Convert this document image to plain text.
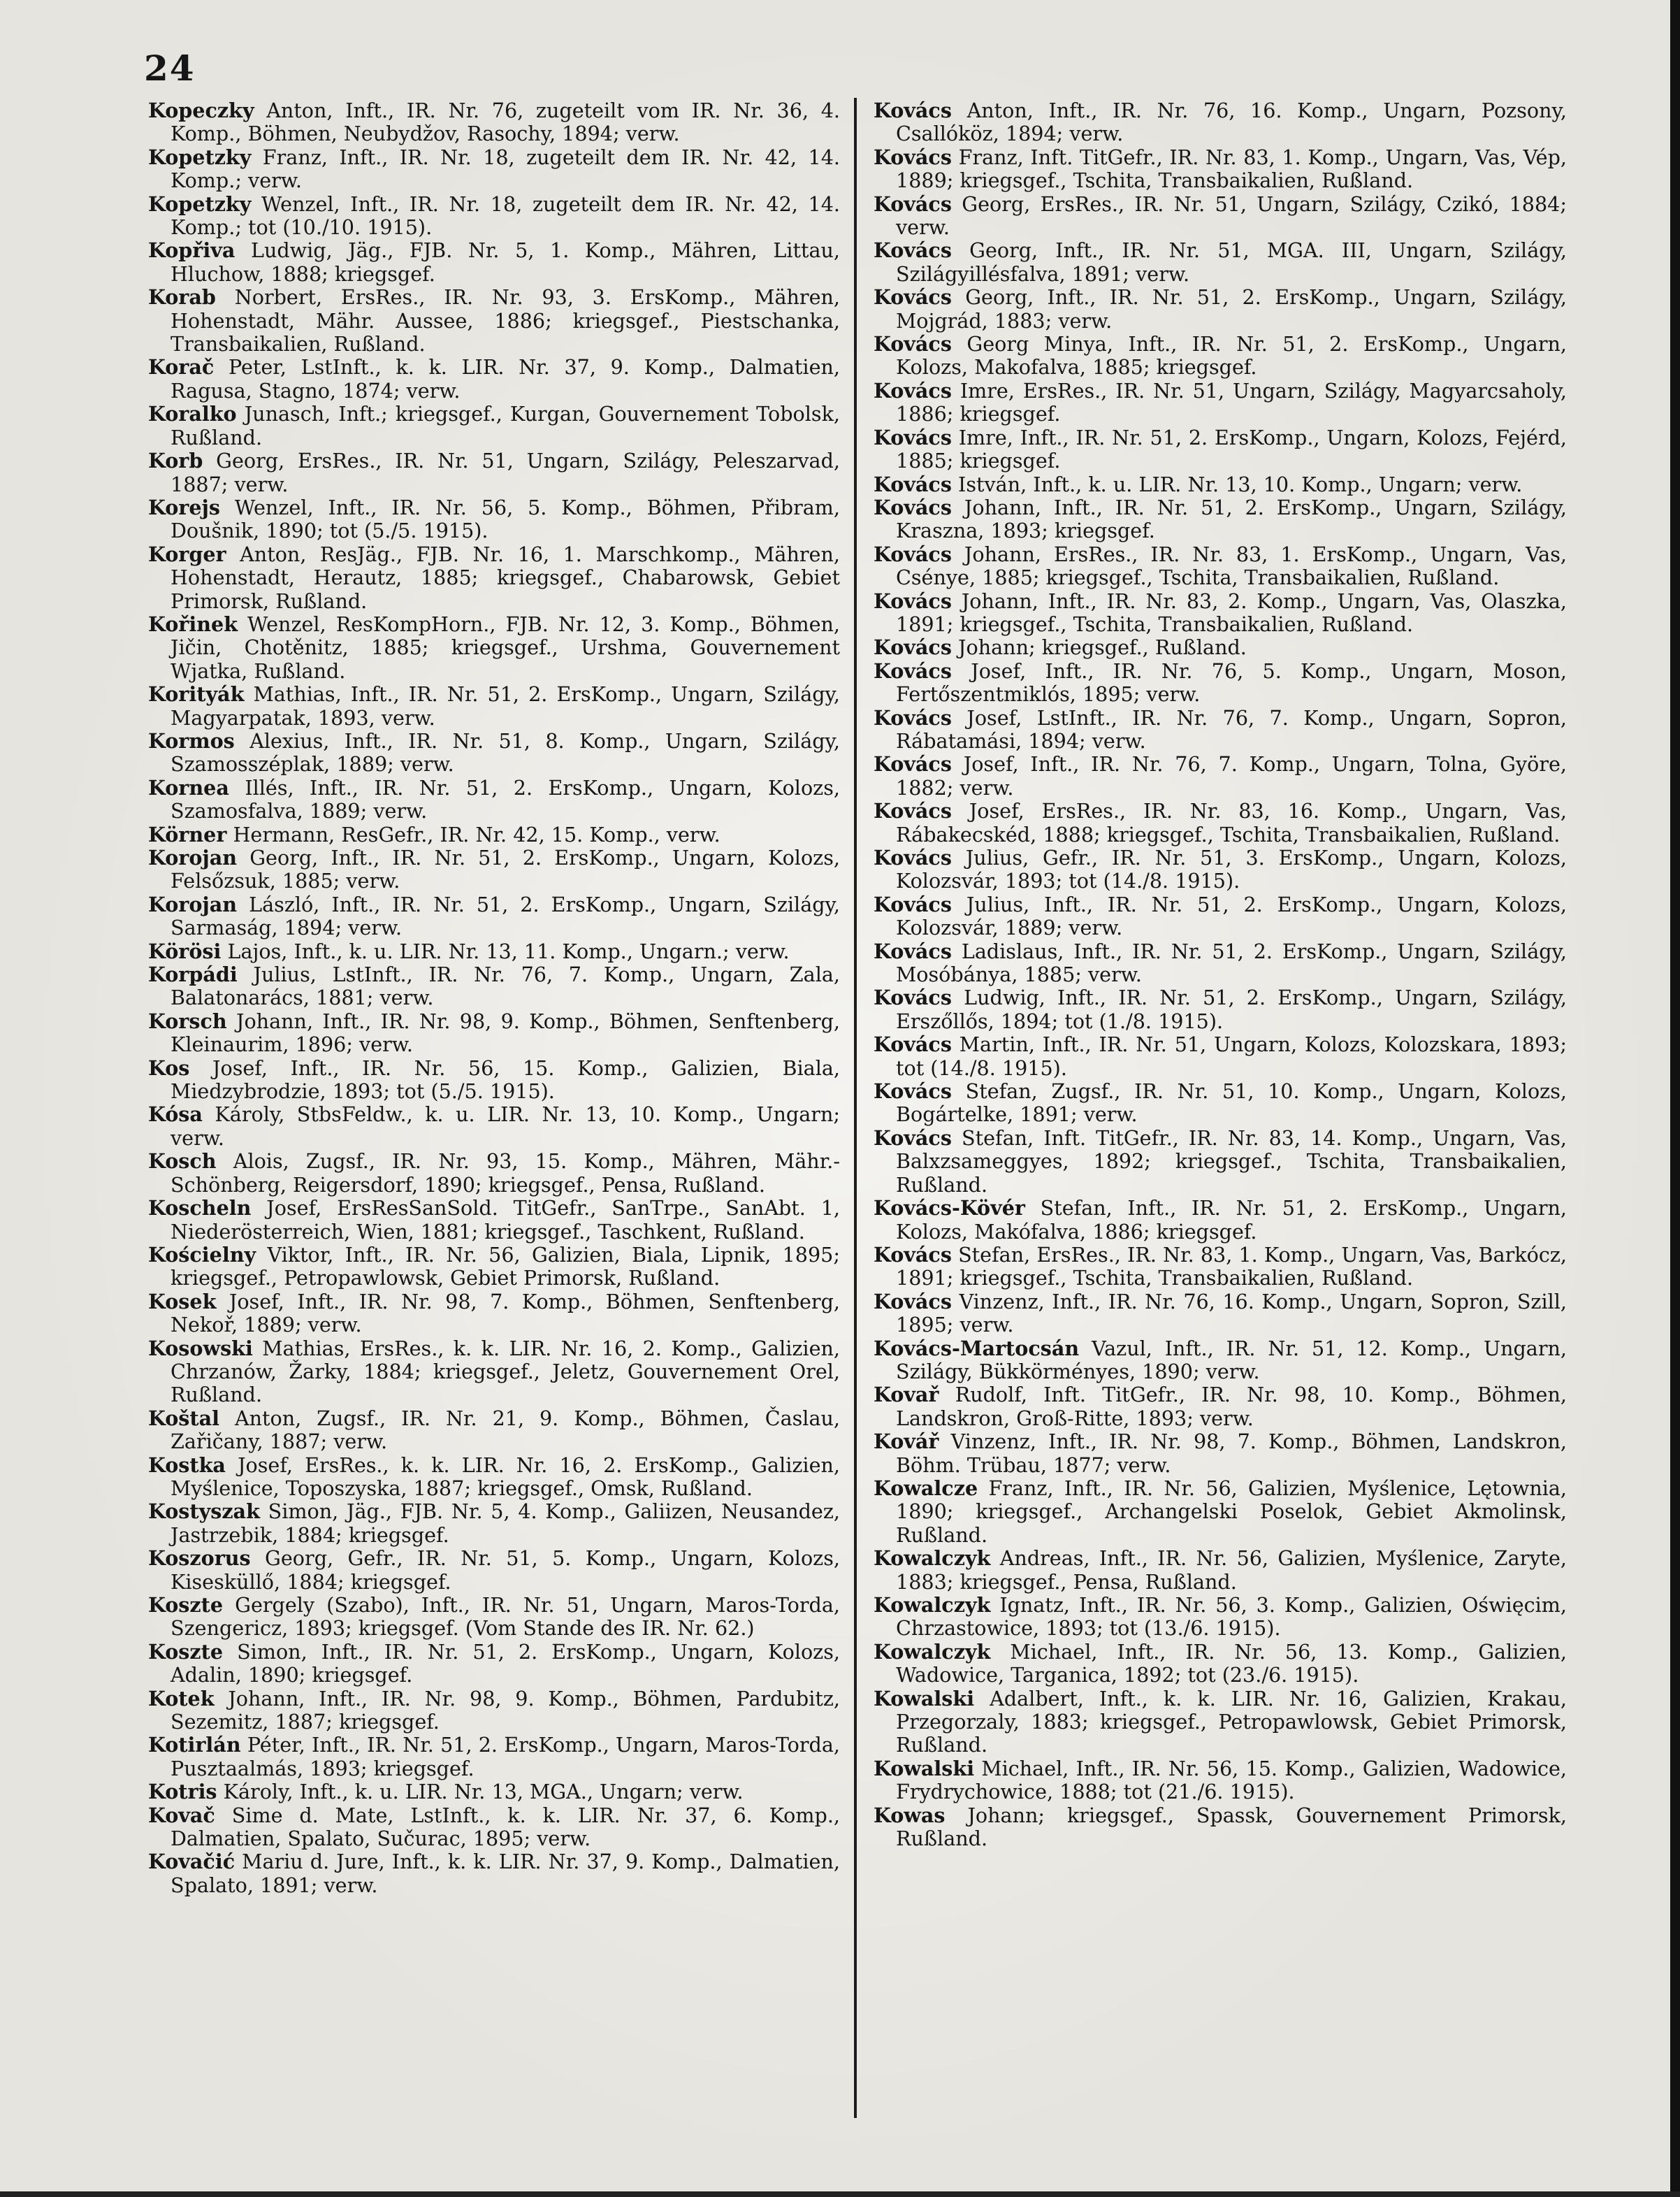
24

Kopeczky Anton, Inft., IR. Nr. 76, zugeteilt vom IR. Nr. 36, 4. Komp., Böhmen, Neubydžov, Rasochy, 1894; verw.

Kopetzky Franz, Inft., IR. Nr. 18, zugeteilt dem IR. Nr. 42, 14. Komp.; verw.

Kopetzky Wenzel, Inft., IR. Nr. 18, zugeteilt dem IR. Nr. 42, 14. Komp.; tot (10./10. 1915).

Kopřiva Ludwig, Jäg., FJB. Nr. 5, 1. Komp., Mähren, Littau, Hluchow, 1888; kriegsgef.

Korab Norbert, ErsRes., IR. Nr. 93, 3. ErsKomp., Mähren, Hohenstadt, Mähr. Aussee, 1886; kriegsgef., Piestschanka, Transbaikalien, Rußland.

Korač Peter, LstInft., k. k. LIR. Nr. 37, 9. Komp., Dalmatien, Ragusa, Stagno, 1874; verw.

Koralko Junasch, Inft.; kriegsgef., Kurgan, Gouvernement Tobolsk, Rußland.

Korb Georg, ErsRes., IR. Nr. 51, Ungarn, Szilágy, Peleszarvad, 1887; verw.

Korejs Wenzel, Inft., IR. Nr. 56, 5. Komp., Böhmen, Přibram, Doušnik, 1890; tot (5./5. 1915).

Korger Anton, ResJäg., FJB. Nr. 16, 1. Marschkomp., Mähren, Hohenstadt, Herautz, 1885; kriegsgef., Chabarowsk, Gebiet Primorsk, Rußland.

Kořinek Wenzel, ResKompHorn., FJB. Nr. 12, 3. Komp., Böhmen, Jičin, Chotěnitz, 1885; kriegsgef., Urshma, Gouvernement Wjatka, Rußland.

Korityák Mathias, Inft., IR. Nr. 51, 2. ErsKomp., Ungarn, Szilágy, Magyarpatak, 1893, verw.

Kormos Alexius, Inft., IR. Nr. 51, 8. Komp., Ungarn, Szilágy, Szamosszéplak, 1889; verw.

Kornea Illés, Inft., IR. Nr. 51, 2. ErsKomp., Ungarn, Kolozs, Szamosfalva, 1889; verw.

Körner Hermann, ResGefr., IR. Nr. 42, 15. Komp., verw.

Korojan Georg, Inft., IR. Nr. 51, 2. ErsKomp., Ungarn, Kolozs, Felsőzsuk, 1885; verw.

Korojan László, Inft., IR. Nr. 51, 2. ErsKomp., Ungarn, Szilágy, Sarmaság, 1894; verw.

Körösi Lajos, Inft., k. u. LIR. Nr. 13, 11. Komp., Ungarn.; verw.

Korpádi Julius, LstInft., IR. Nr. 76, 7. Komp., Ungarn, Zala, Balatonarács, 1881; verw.

Korsch Johann, Inft., IR. Nr. 98, 9. Komp., Böhmen, Senftenberg, Kleinaurim, 1896; verw.

Kos Josef, Inft., IR. Nr. 56, 15. Komp., Galizien, Biala, Miedzybrodzie, 1893; tot (5./5. 1915).

Kósa Károly, StbsFeldw., k. u. LIR. Nr. 13, 10. Komp., Ungarn; verw.

Kosch Alois, Zugsf., IR. Nr. 93, 15. Komp., Mähren, Mähr.-Schönberg, Reigersdorf, 1890; kriegsgef., Pensa, Rußland.

Koscheln Josef, ErsResSanSold. TitGefr., SanTrpe., SanAbt. 1, Niederösterreich, Wien, 1881; kriegsgef., Taschkent, Rußland.

Kościelny Viktor, Inft., IR. Nr. 56, Galizien, Biala, Lipnik, 1895; kriegsgef., Petropawlowsk, Gebiet Primorsk, Rußland.

Kosek Josef, Inft., IR. Nr. 98, 7. Komp., Böhmen, Senftenberg, Nekoř, 1889; verw.

Kosowski Mathias, ErsRes., k. k. LIR. Nr. 16, 2. Komp., Galizien, Chrzanów, Žarky, 1884; kriegsgef., Jeletz, Gouvernement Orel, Rußland.

Koštal Anton, Zugsf., IR. Nr. 21, 9. Komp., Böhmen, Časlau, Zařičany, 1887; verw.

Kostka Josef, ErsRes., k. k. LIR. Nr. 16, 2. ErsKomp., Galizien, Myślenice, Toposzyska, 1887; kriegsgef., Omsk, Rußland.

Kostyszak Simon, Jäg., FJB. Nr. 5, 4. Komp., Galiizen, Neusandez, Jastrzebik, 1884; kriegsgef.

Koszorus Georg, Gefr., IR. Nr. 51, 5. Komp., Ungarn, Kolozs, Kisesküllő, 1884; kriegsgef.

Koszte Gergely (Szabo), Inft., IR. Nr. 51, Ungarn, Maros-Torda, Szengericz, 1893; kriegsgef. (Vom Stande des IR. Nr. 62.)

Koszte Simon, Inft., IR. Nr. 51, 2. ErsKomp., Ungarn, Kolozs, Adalin, 1890; kriegsgef.

Kotek Johann, Inft., IR. Nr. 98, 9. Komp., Böhmen, Pardubitz, Sezemitz, 1887; kriegsgef.

Kotirlán Péter, Inft., IR. Nr. 51, 2. ErsKomp., Ungarn, Maros-Torda, Pusztaalmás, 1893; kriegsgef.

Kotris Károly, Inft., k. u. LIR. Nr. 13, MGA., Ungarn; verw.

Kovač Sime d. Mate, LstInft., k. k. LIR. Nr. 37, 6. Komp., Dalmatien, Spalato, Sučurac, 1895; verw.

Kovačić Mariu d. Jure, Inft., k. k. LIR. Nr. 37, 9. Komp., Dalmatien, Spalato, 1891; verw.

Kovács Anton, Inft., IR. Nr. 76, 16. Komp., Ungarn, Pozsony, Csallóköz, 1894; verw.

Kovács Franz, Inft. TitGefr., IR. Nr. 83, 1. Komp., Ungarn, Vas, Vép, 1889; kriegsgef., Tschita, Transbaikalien, Rußland.

Kovács Georg, ErsRes., IR. Nr. 51, Ungarn, Szilágy, Czikó, 1884; verw.

Kovács Georg, Inft., IR. Nr. 51, MGA. III, Ungarn, Szilágy, Szilágyillésfalva, 1891; verw.

Kovács Georg, Inft., IR. Nr. 51, 2. ErsKomp., Ungarn, Szilágy, Mojgrád, 1883; verw.

Kovács Georg Minya, Inft., IR. Nr. 51, 2. ErsKomp., Ungarn, Kolozs, Makofalva, 1885; kriegsgef.

Kovács Imre, ErsRes., IR. Nr. 51, Ungarn, Szilágy, Magyarcsaholy, 1886; kriegsgef.

Kovács Imre, Inft., IR. Nr. 51, 2. ErsKomp., Ungarn, Kolozs, Fejérd, 1885; kriegsgef.

Kovács István, Inft., k. u. LIR. Nr. 13, 10. Komp., Ungarn; verw.

Kovács Johann, Inft., IR. Nr. 51, 2. ErsKomp., Ungarn, Szilágy, Kraszna, 1893; kriegsgef.

Kovács Johann, ErsRes., IR. Nr. 83, 1. ErsKomp., Ungarn, Vas, Csénye, 1885; kriegsgef., Tschita, Transbaikalien, Rußland.

Kovács Johann, Inft., IR. Nr. 83, 2. Komp., Ungarn, Vas, Olaszka, 1891; kriegsgef., Tschita, Transbaikalien, Rußland.

Kovács Johann; kriegsgef., Rußland.

Kovács Josef, Inft., IR. Nr. 76, 5. Komp., Ungarn, Moson, Fertőszentmiklós, 1895; verw.

Kovács Josef, LstInft., IR. Nr. 76, 7. Komp., Ungarn, Sopron, Rábatamási, 1894; verw.

Kovács Josef, Inft., IR. Nr. 76, 7. Komp., Ungarn, Tolna, Györe, 1882; verw.

Kovács Josef, ErsRes., IR. Nr. 83, 16. Komp., Ungarn, Vas, Rábakecskéd, 1888; kriegsgef., Tschita, Transbaikalien, Rußland.

Kovács Julius, Gefr., IR. Nr. 51, 3. ErsKomp., Ungarn, Kolozs, Kolozsvár, 1893; tot (14./8. 1915).

Kovács Julius, Inft., IR. Nr. 51, 2. ErsKomp., Ungarn, Kolozs, Kolozsvár, 1889; verw.

Kovács Ladislaus, Inft., IR. Nr. 51, 2. ErsKomp., Ungarn, Szilágy, Mosóbánya, 1885; verw.

Kovács Ludwig, Inft., IR. Nr. 51, 2. ErsKomp., Ungarn, Szilágy, Erszőllős, 1894; tot (1./8. 1915).

Kovács Martin, Inft., IR. Nr. 51, Ungarn, Kolozs, Kolozskara, 1893; tot (14./8. 1915).

Kovács Stefan, Zugsf., IR. Nr. 51, 10. Komp., Ungarn, Kolozs, Bogártelke, 1891; verw.

Kovács Stefan, Inft. TitGefr., IR. Nr. 83, 14. Komp., Ungarn, Vas, Balxzsameggyes, 1892; kriegsgef., Tschita, Transbaikalien, Rußland.

Kovács-Kövér Stefan, Inft., IR. Nr. 51, 2. ErsKomp., Ungarn, Kolozs, Makófalva, 1886; kriegsgef.

Kovács Stefan, ErsRes., IR. Nr. 83, 1. Komp., Ungarn, Vas, Barkócz, 1891; kriegsgef., Tschita, Transbaikalien, Rußland.

Kovács Vinzenz, Inft., IR. Nr. 76, 16. Komp., Ungarn, Sopron, Szill, 1895; verw.

Kovács-Martocsán Vazul, Inft., IR. Nr. 51, 12. Komp., Ungarn, Szilágy, Bükkörményes, 1890; verw.

Kovař Rudolf, Inft. TitGefr., IR. Nr. 98, 10. Komp., Böhmen, Landskron, Groß-Ritte, 1893; verw.

Kovář Vinzenz, Inft., IR. Nr. 98, 7. Komp., Böhmen, Landskron, Böhm. Trübau, 1877; verw.

Kowalcze Franz, Inft., IR. Nr. 56, Galizien, Myślenice, Lętownia, 1890; kriegsgef., Archangelski Poselok, Gebiet Akmolinsk, Rußland.

Kowalczyk Andreas, Inft., IR. Nr. 56, Galizien, Myślenice, Zaryte, 1883; kriegsgef., Pensa, Rußland.

Kowalczyk Ignatz, Inft., IR. Nr. 56, 3. Komp., Galizien, Oświęcim, Chrzastowice, 1893; tot (13./6. 1915).

Kowalczyk Michael, Inft., IR. Nr. 56, 13. Komp., Galizien, Wadowice, Targanica, 1892; tot (23./6. 1915).

Kowalski Adalbert, Inft., k. k. LIR. Nr. 16, Galizien, Krakau, Przegorzaly, 1883; kriegsgef., Petropawlowsk, Gebiet Primorsk, Rußland.

Kowalski Michael, Inft., IR. Nr. 56, 15. Komp., Galizien, Wadowice, Frydrychowice, 1888; tot (21./6. 1915).

Kowas Johann; kriegsgef., Spassk, Gouvernement Primorsk, Rußland.
